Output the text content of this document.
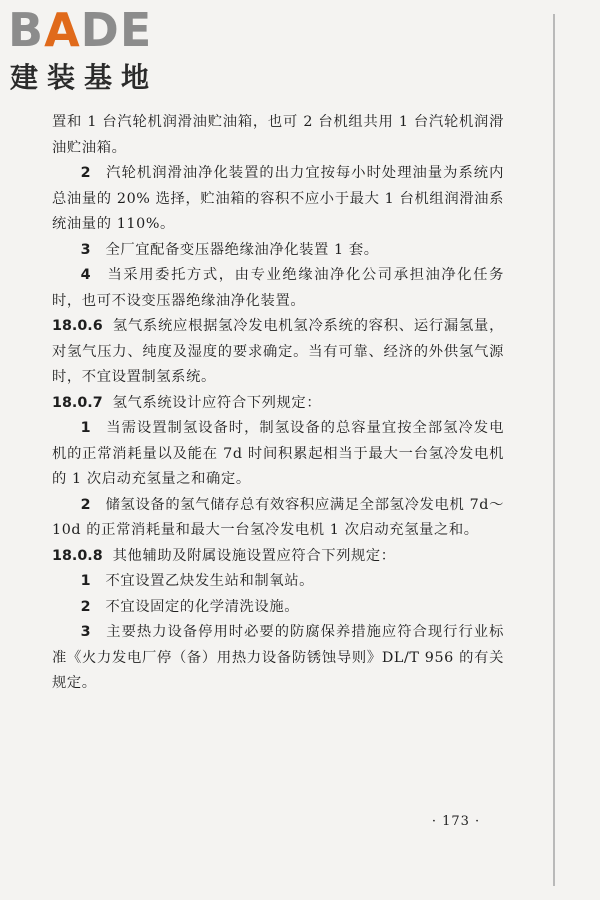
BADE
建装基地

置和 1 台汽轮机润滑油贮油箱，也可 2 台机组共用 1 台汽轮机润滑油贮油箱。

2　 汽轮机润滑油净化装置的出力宜按每小时处理油量为系统内总油量的 20% 选择，贮油箱的容积不应小于最大 1 台机组润滑油系统油量的 110%。

3　 全厂宜配备变压器绝缘油净化装置 1 套。

4　 当采用委托方式，由专业绝缘油净化公司承担油净化任务时，也可不设变压器绝缘油净化装置。

18.0.6 氢气系统应根据氢冷发电机氢冷系统的容积、运行漏氢量，对氢气压力、纯度及湿度的要求确定。当有可靠、经济的外供氢气源时，不宜设置制氢系统。

18.0.7 氢气系统设计应符合下列规定：

1　 当需设置制氢设备时，制氢设备的总容量宜按全部氢冷发电机的正常消耗量以及能在 7d 时间积累起相当于最大一台氢冷发电机的 1 次启动充氢量之和确定。

2　 储氢设备的氢气储存总有效容积应满足全部氢冷发电机 7d～10d 的正常消耗量和最大一台氢冷发电机 1 次启动充氢量之和。

18.0.8 其他辅助及附属设施设置应符合下列规定：

1　 不宜设置乙炔发生站和制氧站。

2　 不宜设固定的化学清洗设施。

3　 主要热力设备停用时必要的防腐保养措施应符合现行行业标准《火力发电厂停（备）用热力设备防锈蚀导则》DL/T 956 的有关规定。

· 173 ·
